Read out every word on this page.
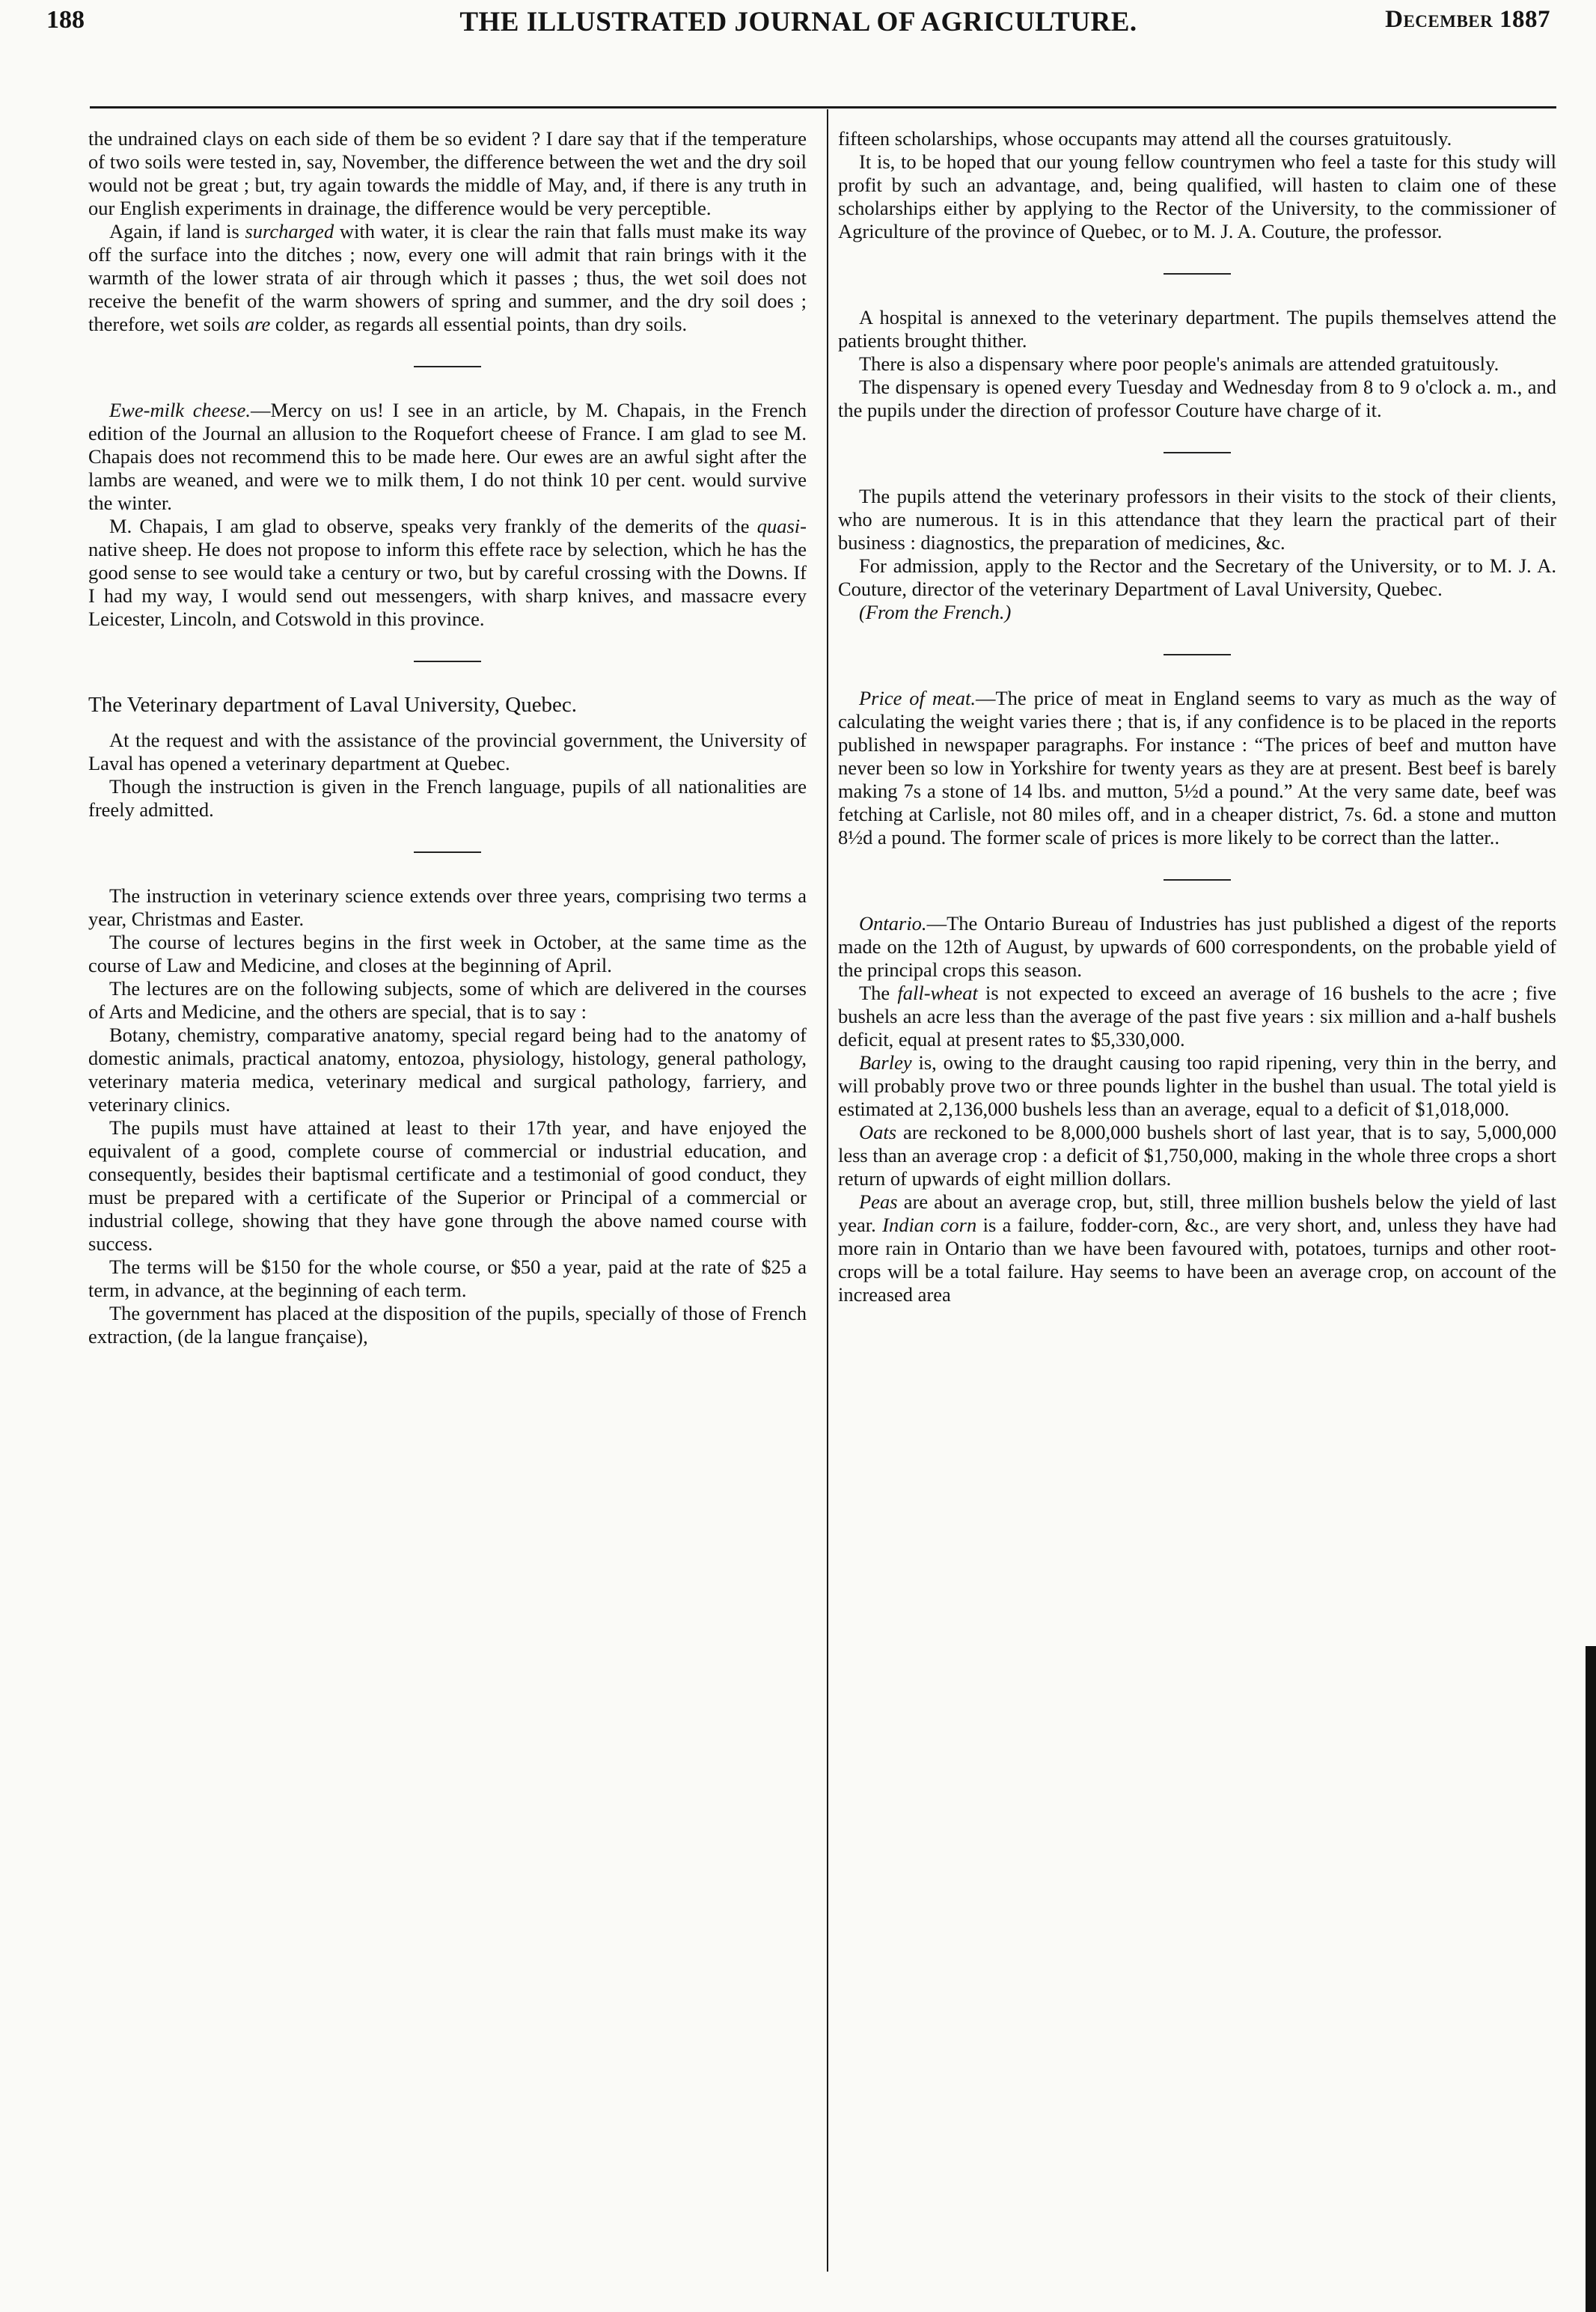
188	THE ILLUSTRATED JOURNAL OF AGRICULTURE.	December 1887

the undrained clays on each side of them be so evident ? I dare say that if the temperature of two soils were tested in, say, November, the difference between the wet and the dry soil would not be great ; but, try again towards the middle of May, and, if there is any truth in our English experiments in drainage, the difference would be very perceptible.

Again, if land is surcharged with water, it is clear the rain that falls must make its way off the surface into the ditches ; now, every one will admit that rain brings with it the warmth of the lower strata of air through which it passes ; thus, the wet soil does not receive the benefit of the warm showers of spring and summer, and the dry soil does ; therefore, wet soils are colder, as regards all essential points, than dry soils.

Ewe-milk cheese.—Mercy on us! I see in an article, by M. Chapais, in the French edition of the Journal an allusion to the Roquefort cheese of France. I am glad to see M. Chapais does not recommend this to be made here. Our ewes are an awful sight after the lambs are weaned, and were we to milk them, I do not think 10 per cent. would survive the winter.

M. Chapais, I am glad to observe, speaks very frankly of the demerits of the quasi-native sheep. He does not propose to inform this effete race by selection, which he has the good sense to see would take a century or two, but by careful crossing with the Downs. If I had my way, I would send out messengers, with sharp knives, and massacre every Leicester, Lincoln, and Cotswold in this province.

The Veterinary department of Laval University, Quebec.

At the request and with the assistance of the provincial government, the University of Laval has opened a veterinary department at Quebec.

Though the instruction is given in the French language, pupils of all nationalities are freely admitted.

The instruction in veterinary science extends over three years, comprising two terms a year, Christmas and Easter.

The course of lectures begins in the first week in October, at the same time as the course of Law and Medicine, and closes at the beginning of April.

The lectures are on the following subjects, some of which are delivered in the courses of Arts and Medicine, and the others are special, that is to say :

Botany, chemistry, comparative anatomy, special regard being had to the anatomy of domestic animals, practical anatomy, entozoa, physiology, histology, general pathology, veterinary materia medica, veterinary medical and surgical pathology, farriery, and veterinary clinics.

The pupils must have attained at least to their 17th year, and have enjoyed the equivalent of a good, complete course of commercial or industrial education, and consequently, besides their baptismal certificate and a testimonial of good conduct, they must be prepared with a certificate of the Superior or Principal of a commercial or industrial college, showing that they have gone through the above named course with success.

The terms will be $150 for the whole course, or $50 a year, paid at the rate of $25 a term, in advance, at the beginning of each term.

The government has placed at the disposition of the pupils, specially of those of French extraction, (de la langue française),

fifteen scholarships, whose occupants may attend all the courses gratuitously.

It is, to be hoped that our young fellow countrymen who feel a taste for this study will profit by such an advantage, and, being qualified, will hasten to claim one of these scholarships either by applying to the Rector of the University, to the commissioner of Agriculture of the province of Quebec, or to M. J. A. Couture, the professor.

A hospital is annexed to the veterinary department. The pupils themselves attend the patients brought thither.

There is also a dispensary where poor people's animals are attended gratuitously.

The dispensary is opened every Tuesday and Wednesday from 8 to 9 o'clock a. m., and the pupils under the direction of professor Couture have charge of it.

The pupils attend the veterinary professors in their visits to the stock of their clients, who are numerous. It is in this attendance that they learn the practical part of their business : diagnostics, the preparation of medicines, &c.

For admission, apply to the Rector and the Secretary of the University, or to M. J. A. Couture, director of the veterinary Department of Laval University, Quebec.

(From the French.)

Price of meat.—The price of meat in England seems to vary as much as the way of calculating the weight varies there ; that is, if any confidence is to be placed in the reports published in newspaper paragraphs. For instance : “The prices of beef and mutton have never been so low in Yorkshire for twenty years as they are at present. Best beef is barely making 7s a stone of 14 lbs. and mutton, 5½d a pound.” At the very same date, beef was fetching at Carlisle, not 80 miles off, and in a cheaper district, 7s. 6d. a stone and mutton 8½d a pound. The former scale of prices is more likely to be correct than the latter..

Ontario.—The Ontario Bureau of Industries has just published a digest of the reports made on the 12th of August, by upwards of 600 correspondents, on the probable yield of the principal crops this season.

The fall-wheat is not expected to exceed an average of 16 bushels to the acre ; five bushels an acre less than the average of the past five years : six million and a-half bushels deficit, equal at present rates to $5,330,000.

Barley is, owing to the draught causing too rapid ripening, very thin in the berry, and will probably prove two or three pounds lighter in the bushel than usual. The total yield is estimated at 2,136,000 bushels less than an average, equal to a deficit of $1,018,000.

Oats are reckoned to be 8,000,000 bushels short of last year, that is to say, 5,000,000 less than an average crop : a deficit of $1,750,000, making in the whole three crops a short return of upwards of eight million dollars.

Peas are about an average crop, but, still, three million bushels below the yield of last year. Indian corn is a failure, fodder-corn, &c., are very short, and, unless they have had more rain in Ontario than we have been favoured with, potatoes, turnips and other root-crops will be a total failure. Hay seems to have been an average crop, on account of the increased area
